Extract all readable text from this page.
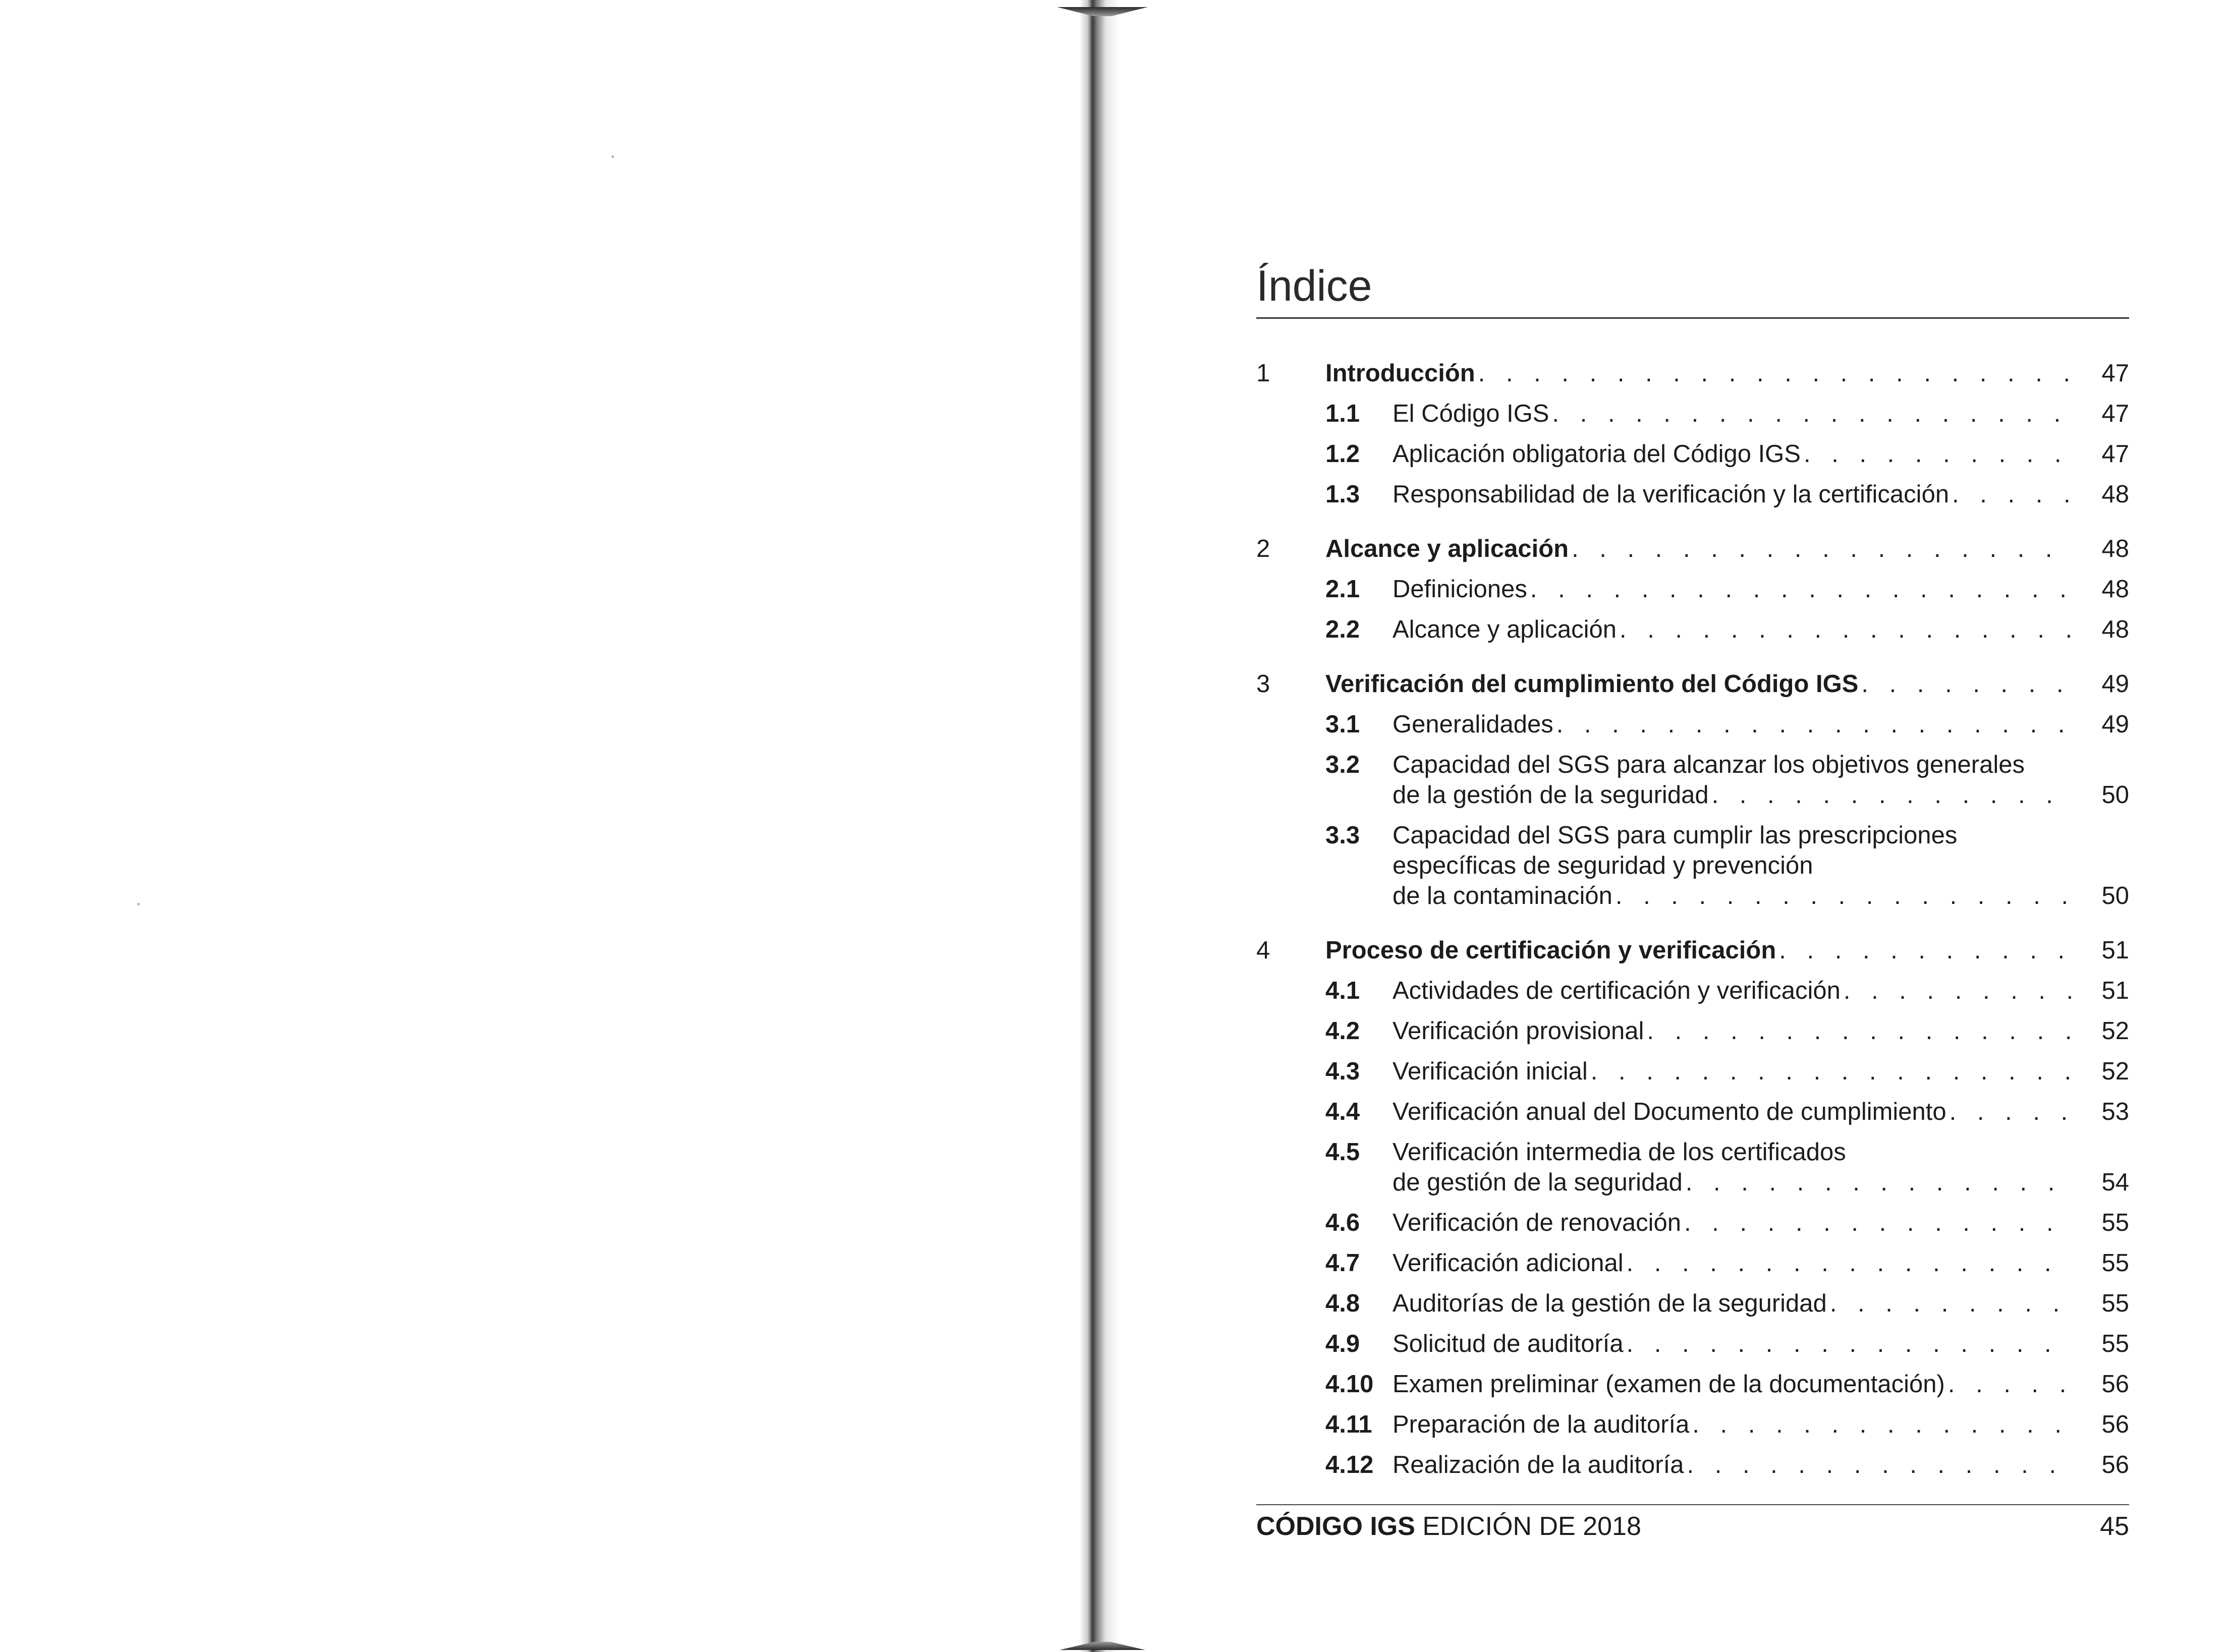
Índice
1	Introducción . . .	47
1.1	El Código IGS . . .	47
1.2	Aplicación obligatoria del Código IGS . . .	47
1.3	Responsabilidad de la verificación y la certificación . . .	48
2	Alcance y aplicación . . .	48
2.1	Definiciones . . .	48
2.2	Alcance y aplicación . . .	48
3	Verificación del cumplimiento del Código IGS . . .	49
3.1	Generalidades . . .	49
3.2	Capacidad del SGS para alcanzar los objetivos generales
de la gestión de la seguridad . . .	50
3.3	Capacidad del SGS para cumplir las prescripciones
específicas de seguridad y prevención
de la contaminación . . .	50
4	Proceso de certificación y verificación . . .	51
4.1	Actividades de certificación y verificación . . .	51
4.2	Verificación provisional . . .	52
4.3	Verificación inicial . . .	52
4.4	Verificación anual del Documento de cumplimiento . . .	53
4.5	Verificación intermedia de los certificados
de gestión de la seguridad . . .	54
4.6	Verificación de renovación . . .	55
4.7	Verificación adicional . . .	55
4.8	Auditorías de la gestión de la seguridad . . .	55
4.9	Solicitud de auditoría . . .	55
4.10 Examen preliminar (examen de la documentación) . . .	56
4.11 Preparación de la auditoría . . .	56
4.12 Realización de la auditoría . . .	56
CÓDIGO IGS EDICIÓN DE 2018	45
